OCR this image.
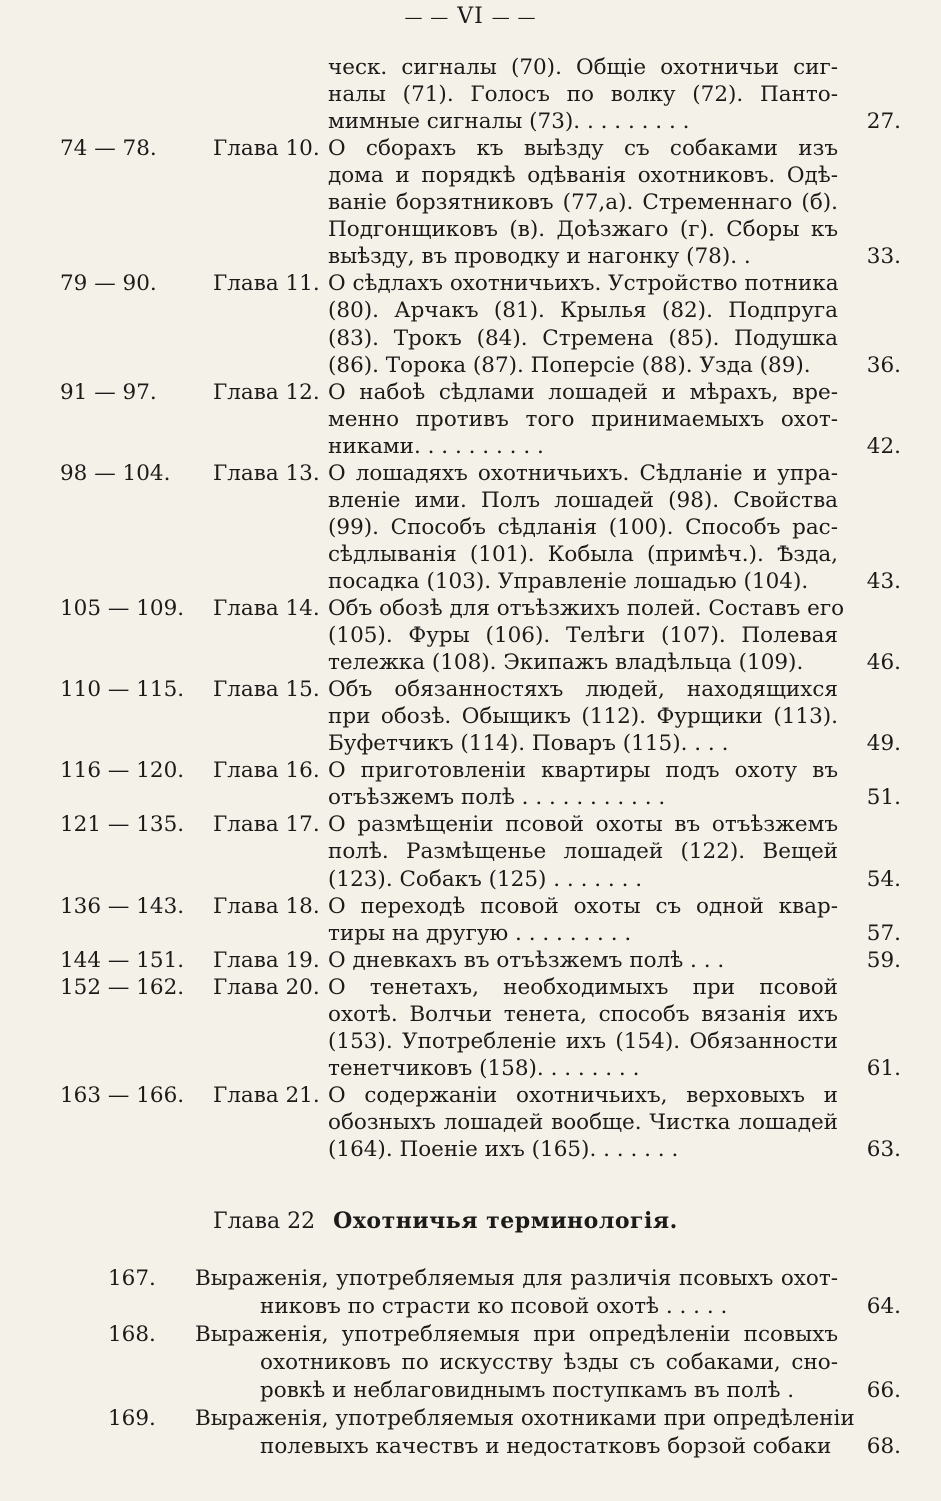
— — VI — —
ческ. сигналы (70). Общiе охотничьи сиг-
налы (71). Голосъ по волку (72). Панто-
мимные сигналы (73). . . . . . . . .	27.
74 — 78.	Глава 10. О сборахъ къ выѣзду съ собаками изъ
дома и порядкѣ одѣванiя охотниковъ. Одѣ-
ванiе борзятниковъ (77,а). Стременнаго (б).
Подгонщиковъ (в). Доѣзжаго (г). Сборы къ
выѣзду, въ проводку и нагонку (78). .	33.
79 — 90.	Глава 11. О сѣдлахъ охотничьихъ. Устройство потника
(80). Арчакъ (81). Крылья (82). Подпруга
(83). Трокъ (84). Стремена (85). Подушка
(86). Торока (87). Поперсiе (88). Узда (89).	36.
91 — 97.	Глава 12. О набоѣ сѣдлами лошадей и мѣрахъ, вре-
менно противъ того принимаемыхъ охот-
никами. . . . . . . . . .	42.
98 — 104. Глава 13. О лошадяхъ охотничьихъ. Сѣдланiе и упра-
вленiе ими. Полъ лошадей (98). Свойства
(99). Способъ сѣдланiя (100). Способъ рас-
сѣдлыванiя (101). Кобыла (примѣч.). Ѣзда,
посадка (103). Управленiе лошадью (104).	43.
105 — 109. Глава 14. Объ обозѣ для отъѣзжихъ полей. Составъ его
(105). Фуры (106). Телѣги (107). Полевая
тележка (108). Экипажъ владѣльца (109).	46.
110 — 115. Глава 15. Объ обязанностяхъ людей, находящихся
при обозѣ. Обыщикъ (112). Фурщики (113).
Буфетчикъ (114). Поваръ (115). . . .	49.
116 — 120. Глава 16. О приготовленiи квартиры подъ охоту въ
отъѣзжемъ полѣ . . . . . . . . . . .	51.
121 — 135. Глава 17. О размѣщенiи псовой охоты въ отъѣзжемъ
полѣ. Размѣщенье лошадей (122). Вещей
(123). Собакъ (125) . . . . . . .	54.
136 — 143. Глава 18. О переходѣ псовой охоты съ одной квар-
тиры на другую . . . . . . . . .	57.
144 — 151. Глава 19. О дневкахъ въ отъѣзжемъ полѣ . . .	59.
152 — 162. Глава 20. О тенетахъ, необходимыхъ при псовой
охотѣ. Волчьи тенета, способъ вязанiя ихъ
(153). Употребленiе ихъ (154). Обязанности
тенетчиковъ (158). . . . . . . .	61.
163 — 166. Глава 21. О содержанiи охотничьихъ, верховыхъ и
обозныхъ лошадей вообще. Чистка лошадей
(164). Поенiе ихъ (165). . . . . . .	63.
Глава 22 Охотничья терминологiя.
167. Выраженiя, употребляемыя для различiя псовыхъ охот-
никовъ по страсти ко псовой охотѣ . . . . .	64.
168. Выраженiя, употребляемыя при опредѣленiи псовыхъ
охотниковъ по искусству ѣзды съ собаками, сно-
ровкѣ и неблаговиднымъ поступкамъ въ полѣ .	66.
169. Выраженiя, употребляемыя охотниками при опредѣленiи
полевыхъ качествъ и недостатковъ борзой собаки	68.
